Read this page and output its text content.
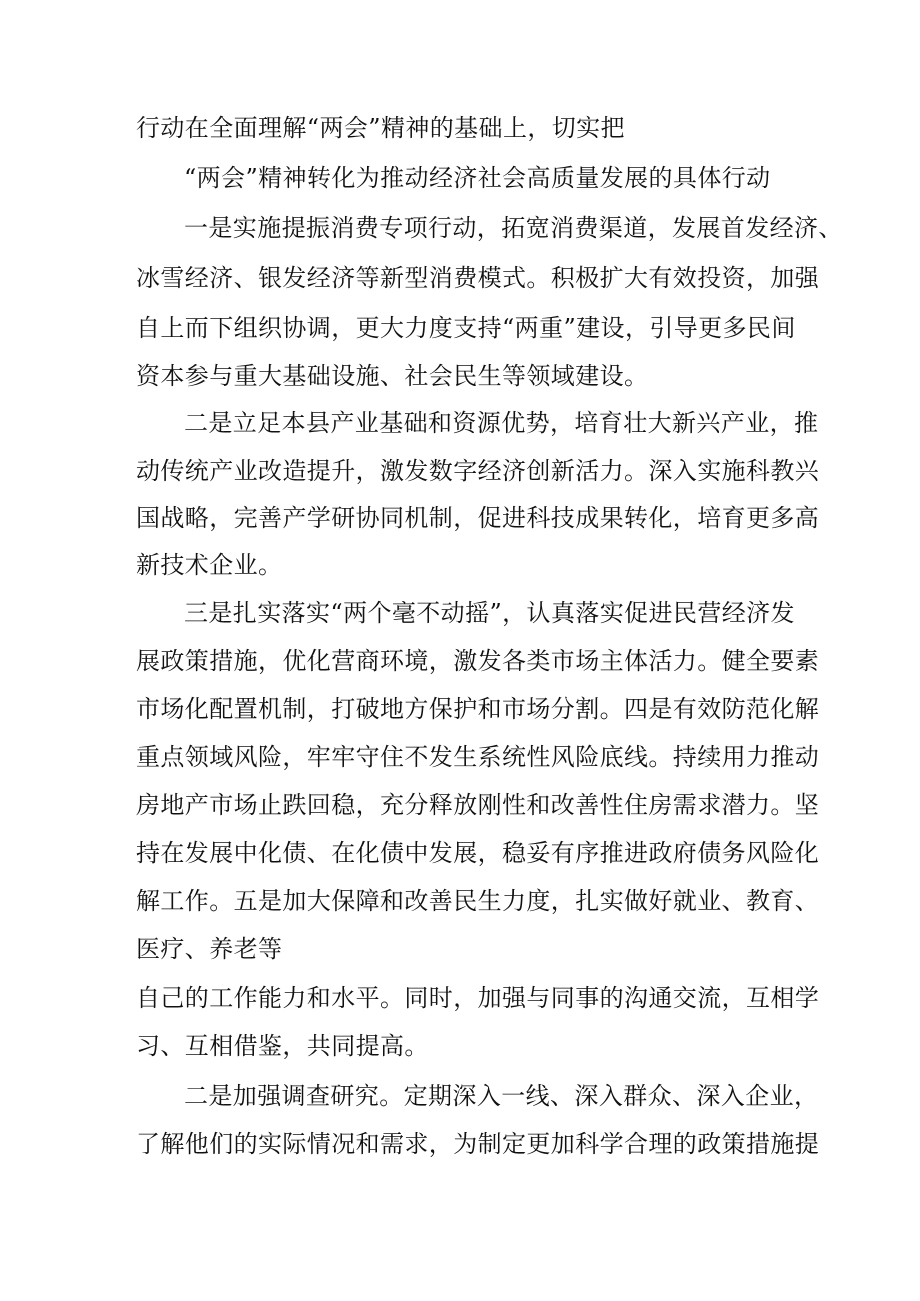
行动在全面理解“两会”精神的基础上，切实把
“两会”精神转化为推动经济社会高质量发展的具体行动
一是实施提振消费专项行动，拓宽消费渠道，发展首发经济、
冰雪经济、银发经济等新型消费模式。积极扩大有效投资，加强
自上而下组织协调，更大力度支持“两重”建设，引导更多民间
资本参与重大基础设施、社会民生等领域建设。
二是立足本县产业基础和资源优势，培育壮大新兴产业，推
动传统产业改造提升，激发数字经济创新活力。深入实施科教兴
国战略，完善产学研协同机制，促进科技成果转化，培育更多高
新技术企业。
三是扎实落实“两个毫不动摇”，认真落实促进民营经济发
展政策措施，优化营商环境，激发各类市场主体活力。健全要素
市场化配置机制，打破地方保护和市场分割。四是有效防范化解
重点领域风险，牢牢守住不发生系统性风险底线。持续用力推动
房地产市场止跌回稳，充分释放刚性和改善性住房需求潜力。坚
持在发展中化债、在化债中发展，稳妥有序推进政府债务风险化
解工作。五是加大保障和改善民生力度，扎实做好就业、教育、
医疗、养老等
自己的工作能力和水平。同时，加强与同事的沟通交流，互相学
习、互相借鉴，共同提高。
二是加强调查研究。定期深入一线、深入群众、深入企业，
了解他们的实际情况和需求，为制定更加科学合理的政策措施提
